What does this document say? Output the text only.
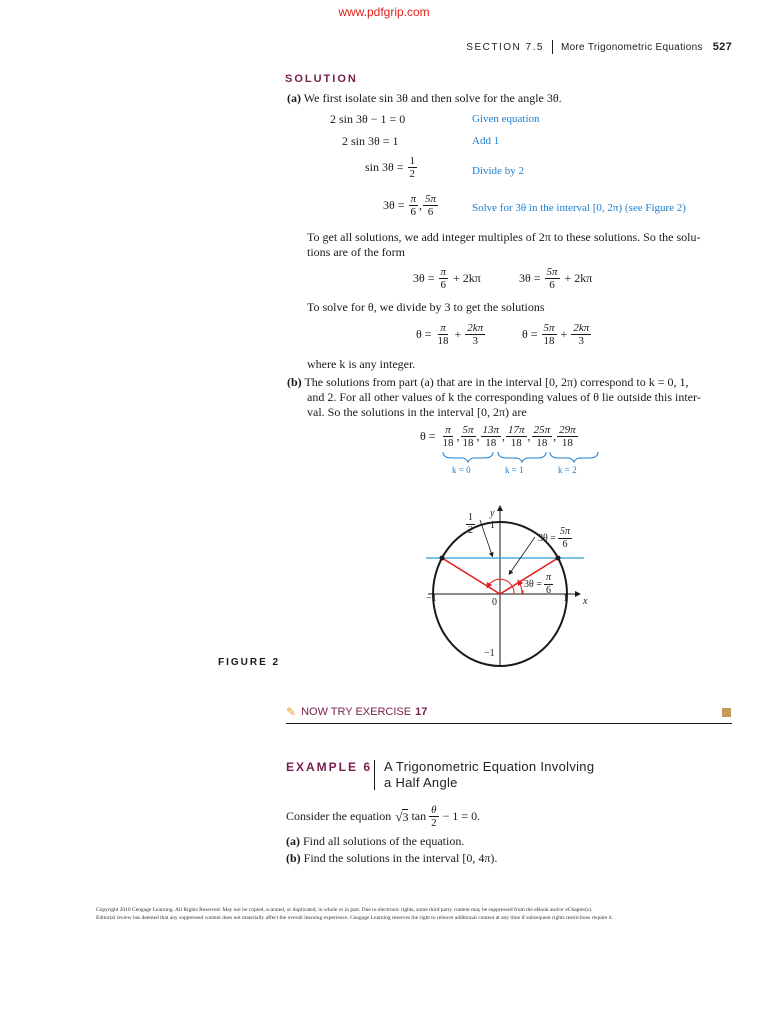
www.pdfgrip.com
SECTION 7.5 More Trigonometric Equations 527
SOLUTION
(a) We first isolate sin 3θ and then solve for the angle 3θ.
2 sin 3θ − 1 = 0	Given equation
2 sin 3θ = 1	Add 1
$\sin 3\theta = \frac{1}{2}$	Divide by 2
$3\theta = \frac{\pi}{6}$ , $\frac{5\pi}{6}$	Solve for 3θ in the interval [0, 2π) (see Figure 2)
To get all solutions, we add integer multiples of 2π to these solutions. So the solu-
tions are of the form
$3\theta = \frac{\pi}{6} + 2k\pi$	$3\theta = \frac{5\pi}{6} + 2k\pi$
To solve for θ, we divide by 3 to get the solutions
$\theta = \frac{\pi}{18} + \frac{2k\pi}{3}$	$\theta = \frac{5\pi}{18} + \frac{2k\pi}{3}$
where k is any integer.
(b) The solutions from part (a) that are in the interval [0, 2π) correspond to k = 0, 1,
and 2. For all other values of k the corresponding values of θ lie outside this inter-
val. So the solutions in the interval [0, 2π) are
$\theta = \frac{\pi}{18}$ , $\frac{5\pi}{18}$ , $\frac{13\pi}{18}$ , $\frac{17\pi}{18}$ , $\frac{25\pi}{18}$ , $\frac{29\pi}{18}$
k = 0	k = 1	k = 2
y
1
1 x
−1
−1
0
$\frac{1}{2}$
$3\theta = \frac{5\pi}{6}$
$3\theta = \frac{\pi}{6}$
FIGURE 2
✎ NOW TRY EXERCISE 17
EXAMPLE 6 A Trigonometric Equation Involving
a Half Angle
Consider the equation √ 3 $\tan \frac{\theta}{2} - 1 = 0$.
(a) Find all solutions of the equation.
(b) Find the solutions in the interval [0, 4π).
Copyright 2010 Cengage Learning. All Rights Reserved. May not be copied, scanned, or duplicated, in whole or in part. Due to electronic rights, some third party content may be suppressed from the eBook and/or eChapter(s).
Editorial review has deemed that any suppressed content does not materially affect the overall learning experience. Cengage Learning reserves the right to remove additional content at any time if subsequent rights restrictions require it.
